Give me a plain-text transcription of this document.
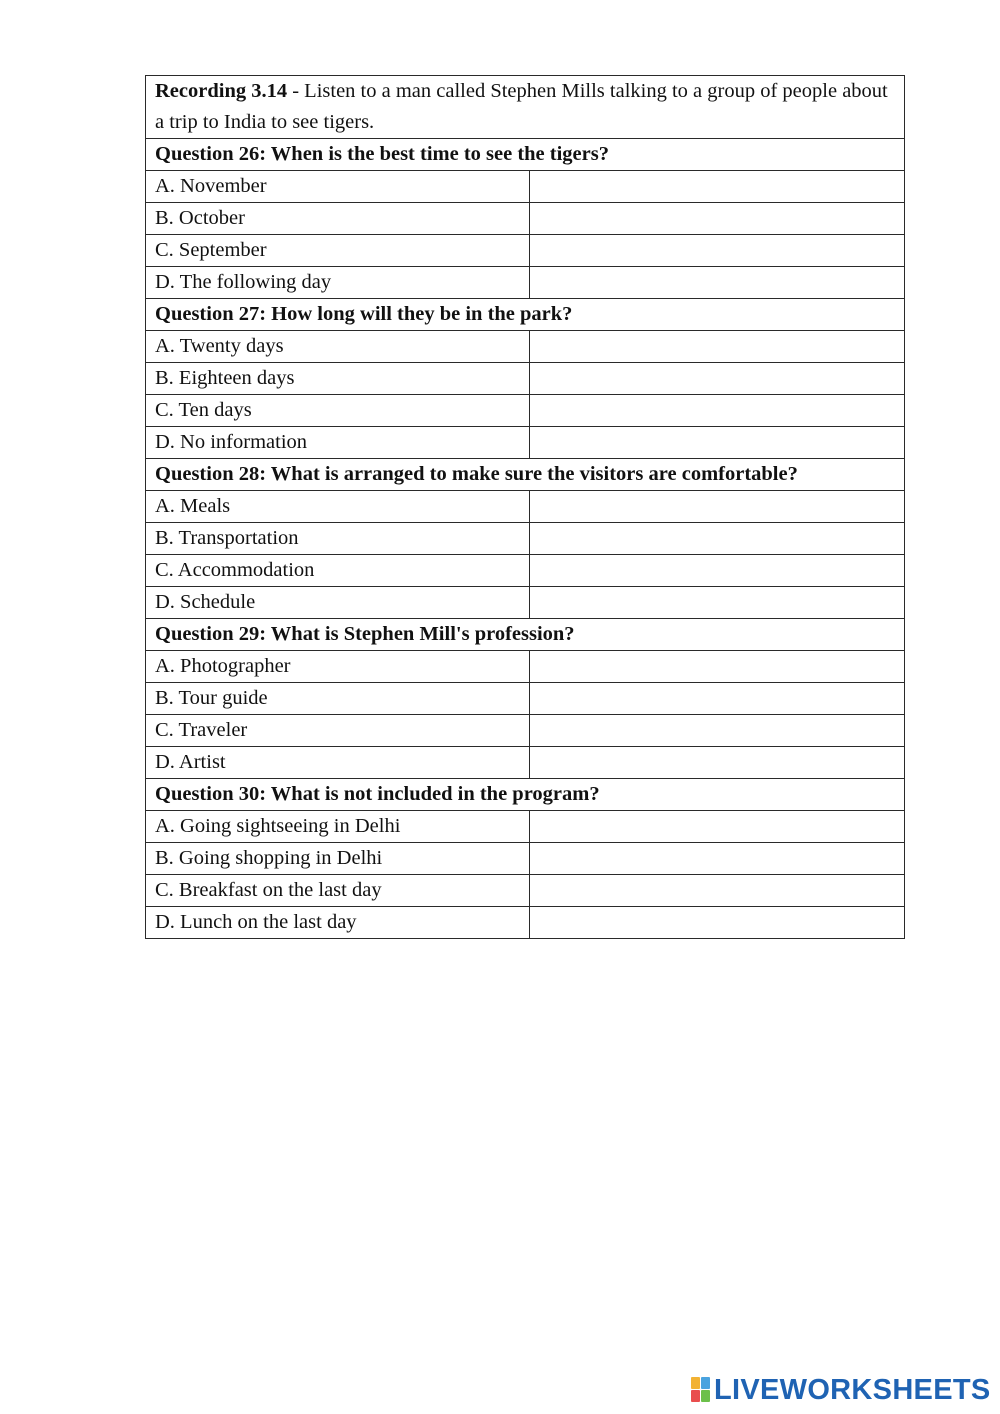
Recording 3.14 - Listen to a man called Stephen Mills talking to a group of people about a trip to India to see tigers.	
Question 26: When is the best time to see the tigers?	
A. November	
B. October	
C. September	
D. The following day	
Question 27: How long will they be in the park?	
A. Twenty days	
B. Eighteen days	
C. Ten days	
D. No information	
Question 28: What is arranged to make sure the visitors are comfortable?	
A. Meals	
B. Transportation	
C. Accommodation	
D. Schedule	
Question 29: What is Stephen Mill's profession?	
A. Photographer	
B. Tour guide	
C. Traveler	
D. Artist	
Question 30: What is not included in the program?	
A. Going sightseeing in Delhi	
B. Going shopping in Delhi	
C. Breakfast on the last day	
D. Lunch on the last day	
LIVEWORKSHEETS
